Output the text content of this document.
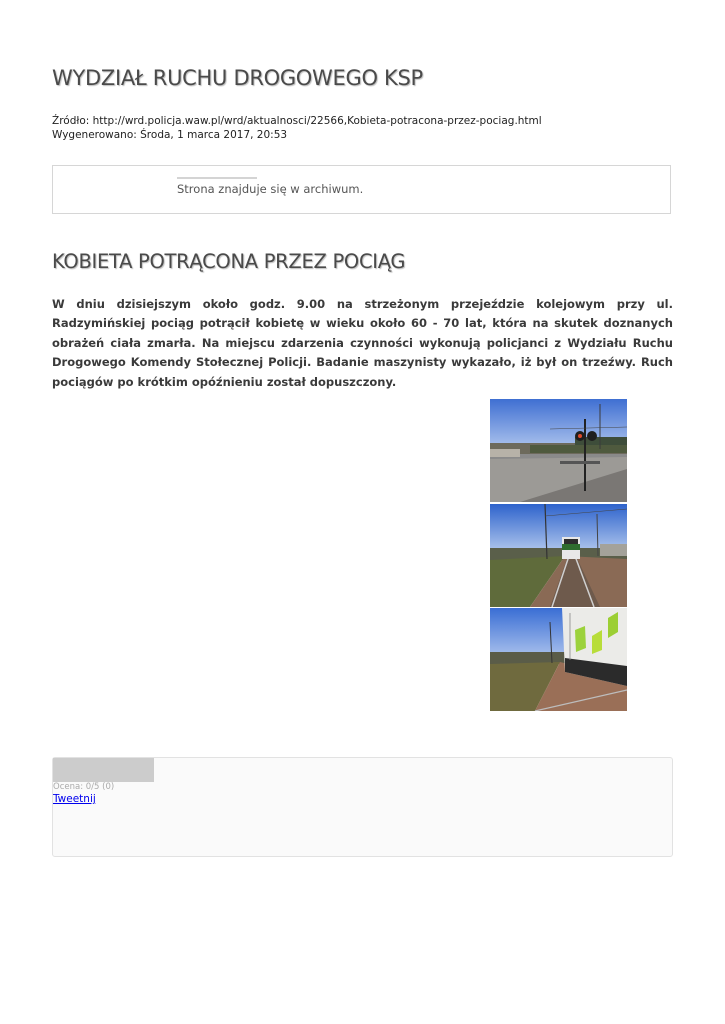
WYDZIAŁ RUCHU DROGOWEGO KSP
Źródło: http://wrd.policja.waw.pl/wrd/aktualnosci/22566,Kobieta-potracona-przez-pociag.html
Wygenerowano: Środa, 1 marca 2017, 20:53
Strona znajduje się w archiwum.
KOBIETA POTRĄCONA PRZEZ POCIĄG

W dniu dzisiejszym około godz. 9.00 na strzeżonym przejeździe kolejowym przy ul. Radzymińskiej pociąg potrącił kobietę w wieku około 60 - 70 lat, która na skutek doznanych obrażeń ciała zmarła. Na miejscu zdarzenia czynności wykonują policjanci z Wydziału Ruchu Drogowego Komendy Stołecznej Policji. Badanie maszynisty wykazało, iż był on trzeźwy. Ruch pociągów po krótkim opóźnieniu został dopuszczony.

Ocena: 0/5 (0)
Tweetnij
